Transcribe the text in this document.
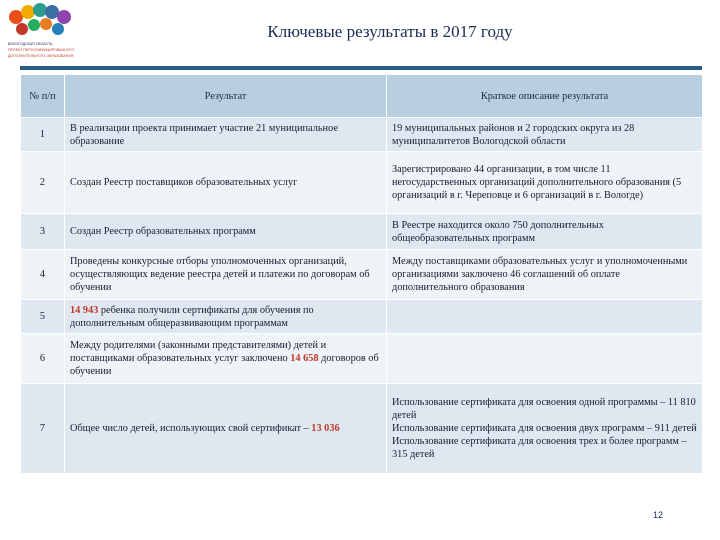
ВОЛОГОДСКАЯ ОБЛАСТЬ
ПРОЕКТ ПЕРСОНИФИЦИРОВАННОГО
ДОПОЛНИТЕЛЬНОГО ОБРАЗОВАНИЯ
Ключевые результаты в 2017 году
№ п/п	Результат	Краткое описание результата
1	В реализации проекта принимает участие 21 муниципальное образование	19 муниципальных районов и 2 городских округа из 28 муниципалитетов Вологодской области
2	Создан Реестр поставщиков образовательных услуг	Зарегистрировано 44 организации, в том числе 11 негосударственных организаций дополнительного образования (5 организаций в г. Череповце и 6 организаций в г. Вологде)
3	Создан Реестр образовательных программ	В Реестре находится около 750 дополнительных общеобразовательных программ
4	Проведены конкурсные отборы уполномоченных организаций, осуществляющих ведение реестра детей и платежи по договорам об обучении	Между поставщиками образовательных услуг и уполномоченными организациями заключено 46 соглашений об оплате дополнительного образования
5	14 943 ребенка получили сертификаты для обучения по дополнительным общеразвивающим программам	
6	Между родителями (законными представителями) детей и поставщиками образовательных услуг заключено 14 658 договоров об обучении	
7	Общее число детей, использующих свой сертификат – 13 036	Использование сертификата для освоения одной программы – 11 810 детей
Использование сертификата для освоения двух программ – 911 детей
Использование сертификата для освоения трех и более программ – 315 детей
12
